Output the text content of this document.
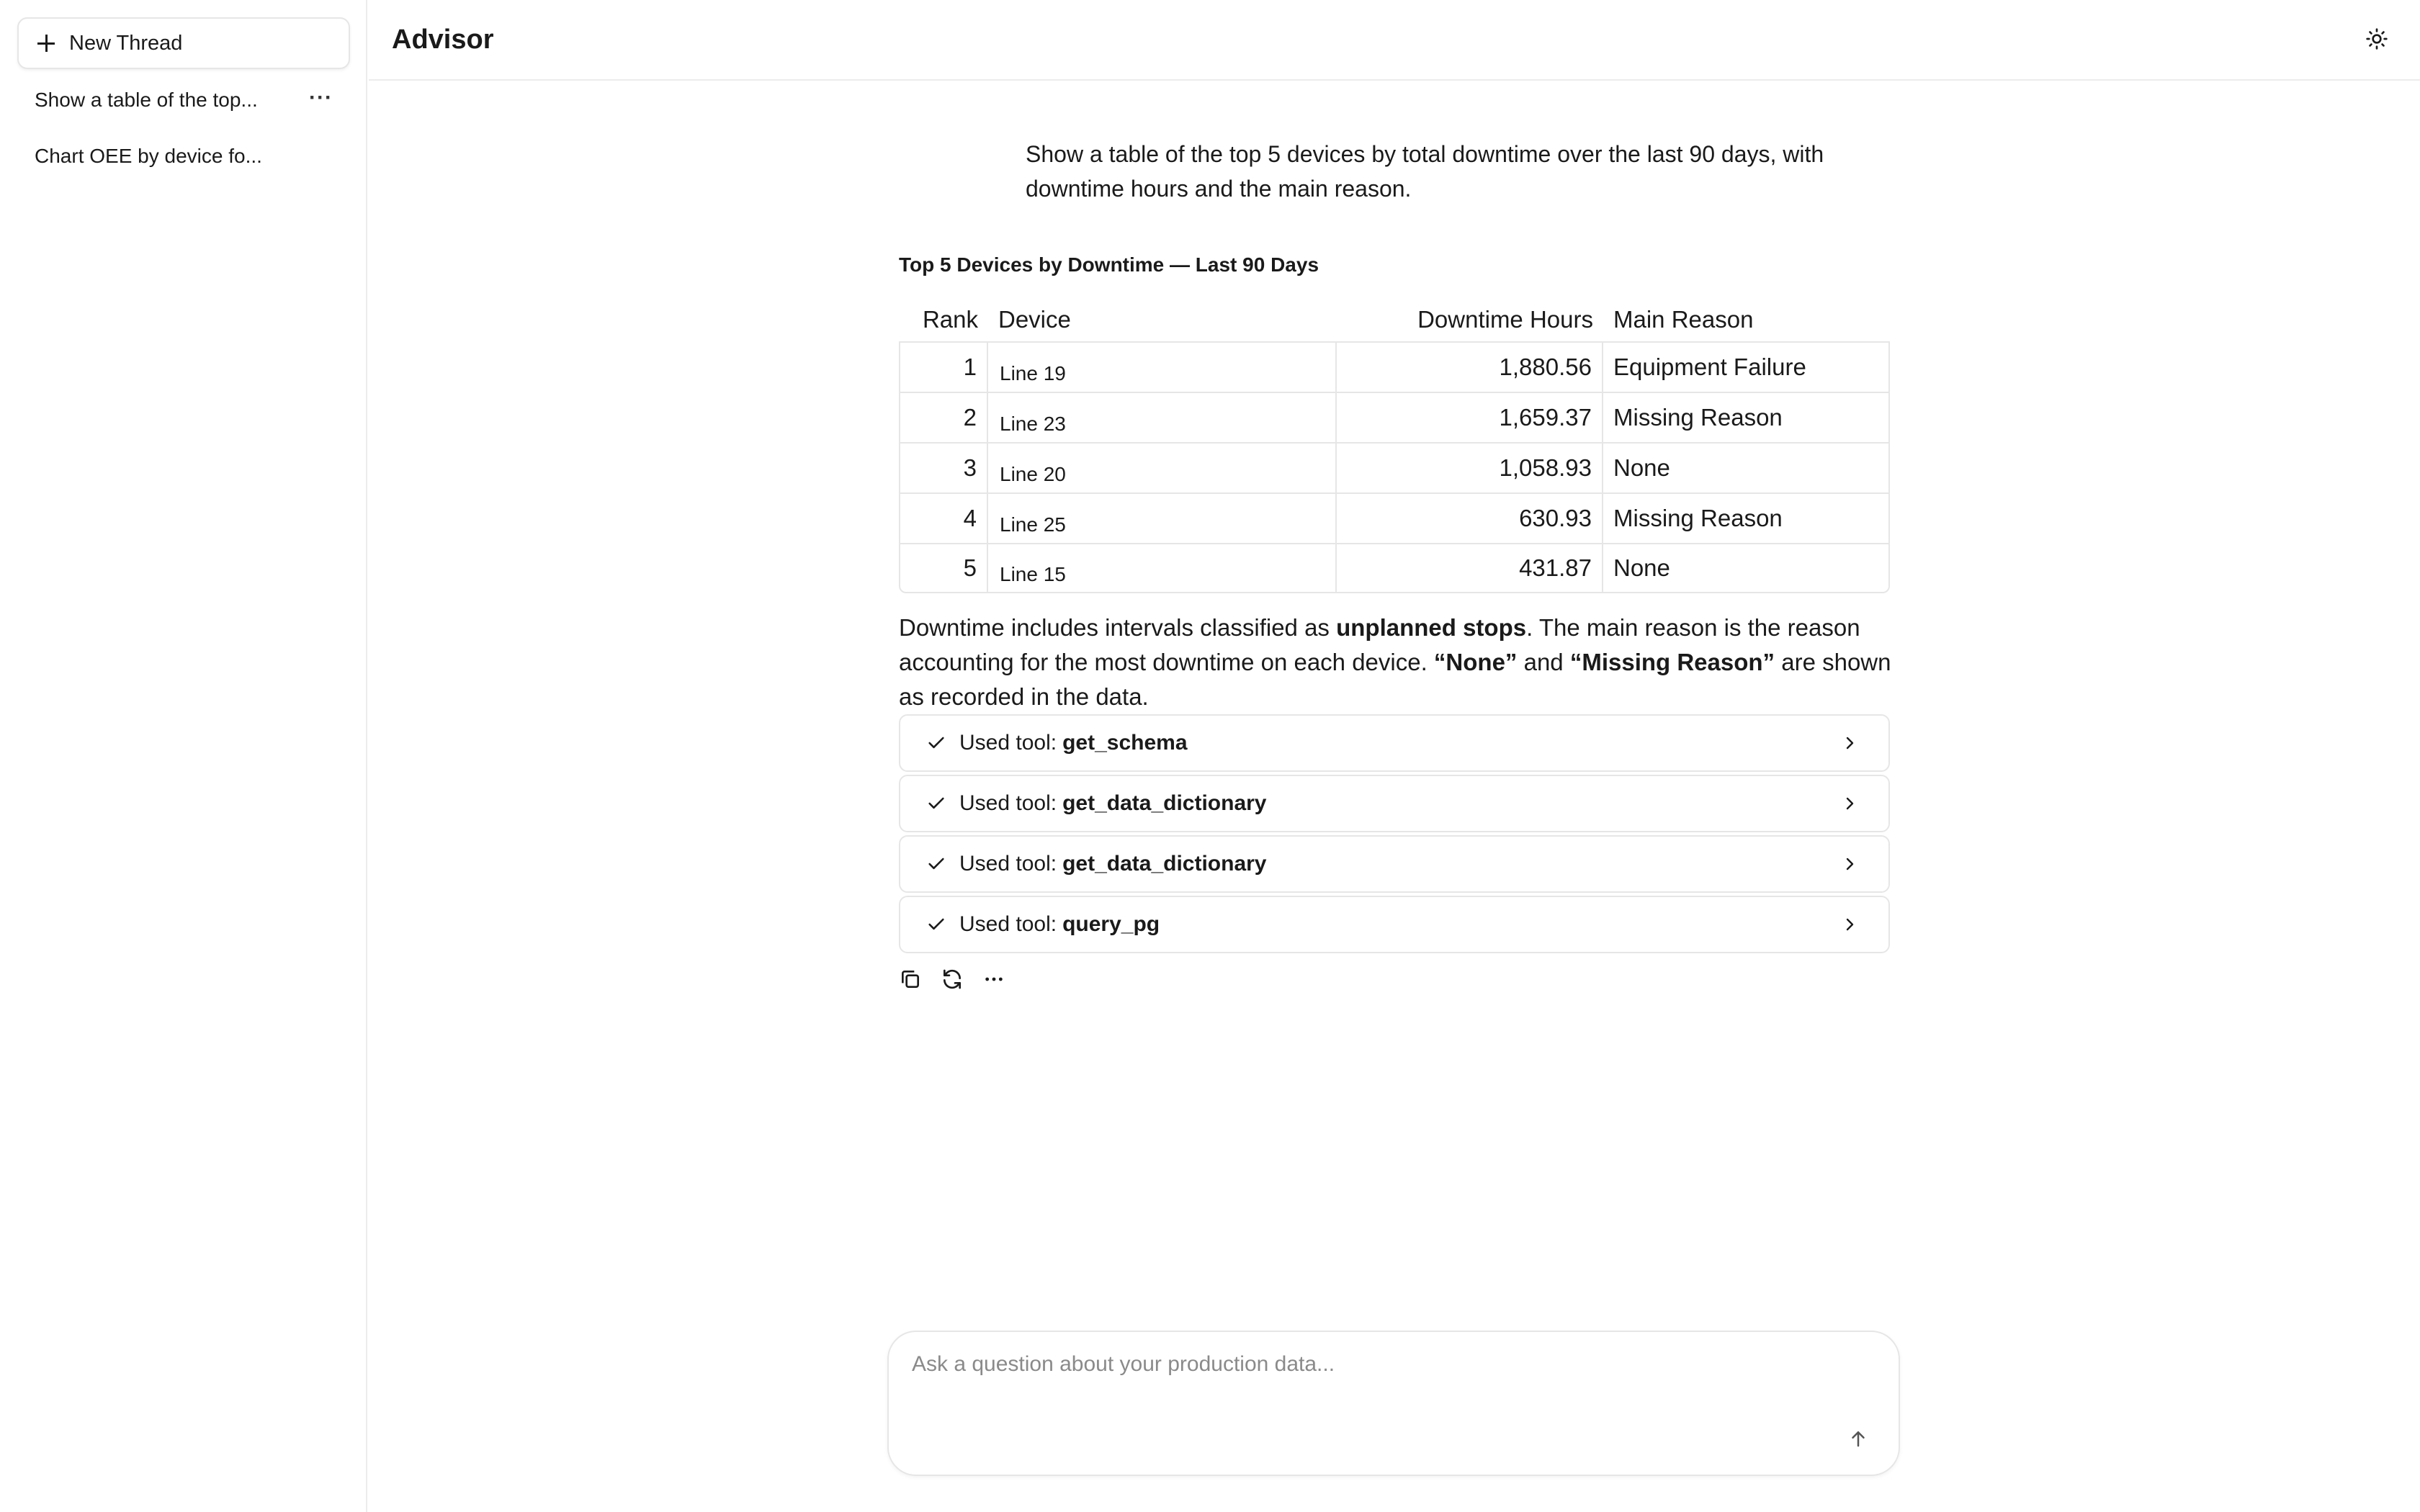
New Thread
Show a table of the top... ···
Chart OEE by device fo...
Advisor
Show a table of the top 5 devices by total downtime over the last 90 days, with downtime hours and the main reason.
Top 5 Devices by Downtime — Last 90 Days
Rank	Device	Downtime Hours	Main Reason
1	Line 19	1,880.56	Equipment Failure
2	Line 23	1,659.37	Missing Reason
3	Line 20	1,058.93	None
4	Line 25	630.93	Missing Reason
5	Line 15	431.87	None

Downtime includes intervals classified as unplanned stops. The main reason is the reason accounting for the most downtime on each device. “None” and “Missing Reason” are shown as recorded in the data.

Used tool: get_schema
Used tool: get_data_dictionary
Used tool: get_data_dictionary
Used tool: query_pg
Ask a question about your production data...
